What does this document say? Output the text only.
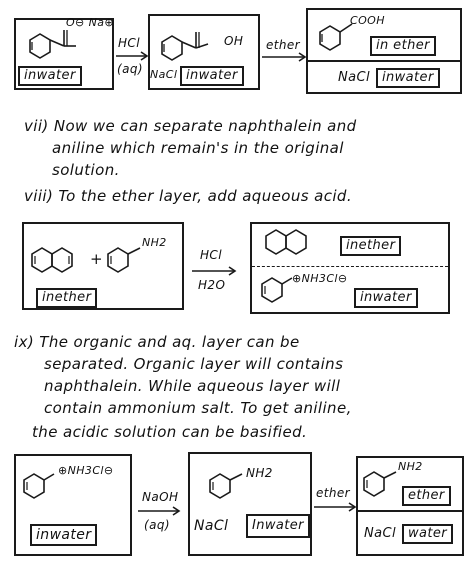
O⊖ Na⊕
inwater
HCl
(aq)
OH
NaCl inwater
ether
COOH
in ether
NaCl inwater
vii) Now we can separate naphthalein and
aniline which remain's in the original
solution.
viii) To the ether layer, add aqueous acid.
+
NH2
inether
HCl
H2O
inether
⊕NH3Cl⊖
inwater
ix) The organic and aq. layer can be
separated. Organic layer will contains
naphthalein. While aqueous layer will
contain ammonium salt. To get aniline,
the acidic solution can be basified.
⊕NH3Cl⊖
inwater
NaOH
(aq)
NH2
NaCl	Inwater
ether
NH2
ether
NaCl water
